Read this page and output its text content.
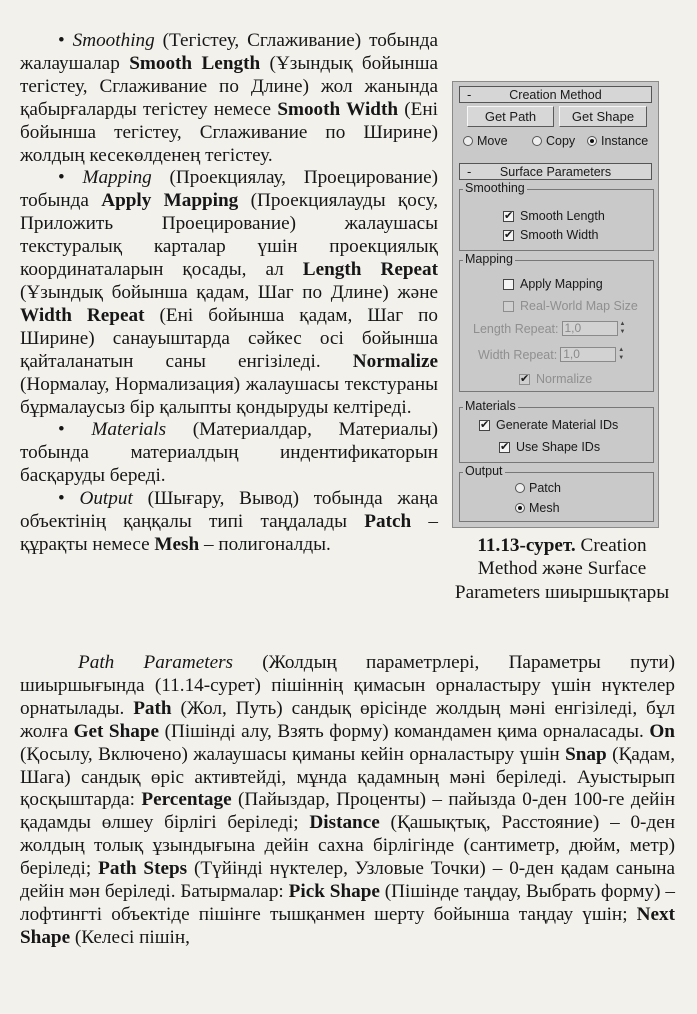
• Smoothing (Тегістеу, Сглаживание) тобында жалаушалар Smooth Length (Ұзындық бойынша тегістеу, Сглаживание по Длине) жол жанында қабырғаларды тегістеу немесе Smooth Width (Ені бойынша тегістеу, Сглаживание по Ширине) жолдың кесекөлденең тегістеу.

• Mapping (Проекциялау, Проецирование) тобында Apply Mapping (Проекциялауды қосу, Приложить Проецирование) жалаушасы текстуралық карталар үшін проекциялық координаталарын қосады, ал Length Repeat (Ұзындық бойынша қадам, Шаг по Длине) және Width Repeat (Ені бойынша қадам, Шаг по Ширине) санауыштарда сәйкес осі бойынша қайталанатын саны енгізіледі. Normalize (Нормалау, Нормализация) жалаушасы текстураны бұрмалаусыз бір қалыпты қондыруды келтіреді.

• Materials (Материалдар, Материалы) тобында материалдың индентификаторын басқаруды береді.

• Output (Шығару, Вывод) тобында жаңа объектінің қаңқалы типі таңдалады Patch – құрақты немесе Mesh – полигоналды.

-	Creation Method
Get Path	Get Shape
Move	Copy Instance
- Surface Parameters
Smoothing
✔ Smooth Length
✔ Smooth Width
Mapping
Apply Mapping
Real-World Map Size
Length Repeat: 1,0	▲
▼
Width Repeat: 1,0	▲
▼
✔ Normalize
Materials
✔ Generate Material IDs
✔ Use Shape IDs
Output
Patch
Mesh
11.13-сурет. Creation Method және Surface Parameters шиыршықтары

Path Parameters (Жолдың параметрлері, Параметры пути) шиыршығында (11.14-сурет) пішіннің қимасын орналастыру үшін нүктелер орнатылады. Path (Жол, Путь) сандық өрісінде жолдың мәні енгізіледі, бұл жолға Get Shape (Пішінді алу, Взять форму) командамен қима орналасады. On (Қосылу, Включено) жалаушасы қиманы кейін орналастыру үшін Snap (Қадам, Шага) сандық өріс активтейді, мұнда қадамның мәні беріледі. Ауыстырып қосқыштарда: Percentage (Пайыздар, Проценты) – пайызда 0-ден 100-ге дейін қадамды өлшеу бірлігі беріледі; Distance (Қашықтық, Расстояние) – 0-ден жолдың толық ұзындығына дейін сахна бірлігінде (сантиметр, дюйм, метр) беріледі; Path Steps (Түйінді нүктелер, Узловые Точки) – 0-ден қадам санына дейін мән беріледі. Батырмалар: Pick Shape (Пішінде таңдау, Выбрать форму) – лофтингті объектіде пішінге тышқанмен шерту бойынша таңдау үшін; Next Shape (Келесі пішін,
